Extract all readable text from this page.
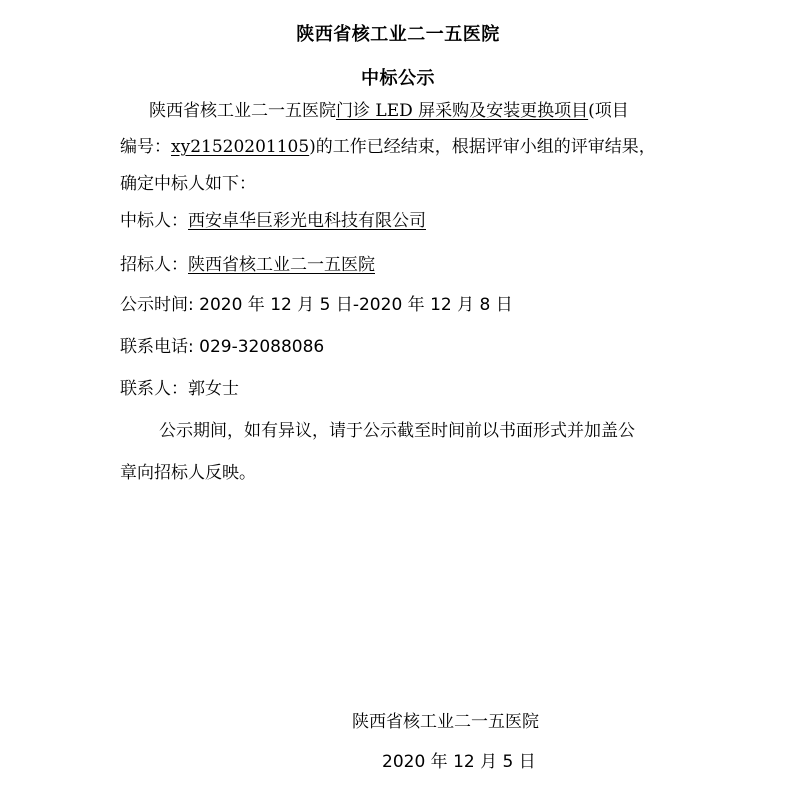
陕西省核工业二一五医院
中标公示
陕西省核工业二一五医院门诊 LED 屏采购及安装更换项目(项目
编号：xy21520201105)的工作已经结束，根据评审小组的评审结果，
确定中标人如下：
中标人：西安卓华巨彩光电科技有限公司
招标人：陕西省核工业二一五医院
公示时间: 2020 年 12 月 5 日-2020 年 12 月 8 日
联系电话: 029-32088086
联系人：郭女士
公示期间，如有异议，请于公示截至时间前以书面形式并加盖公
章向招标人反映。
陕西省核工业二一五医院
2020 年 12 月 5 日
